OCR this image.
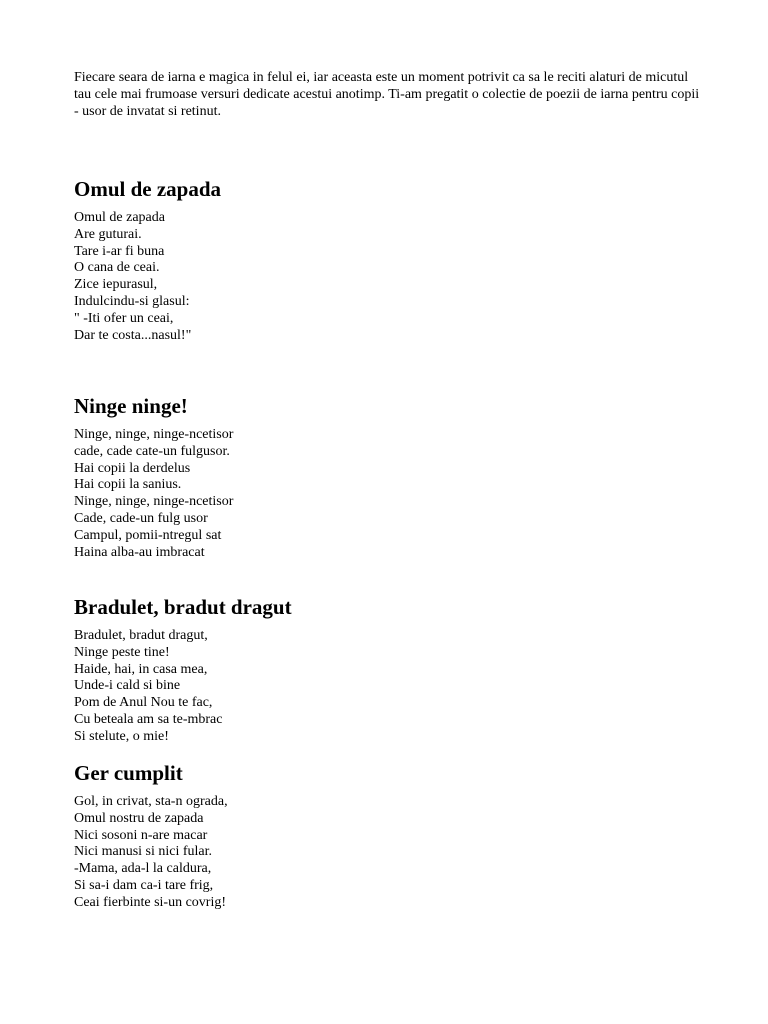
Fiecare seara de iarna e magica in felul ei, iar aceasta este un moment potrivit ca sa le reciti alaturi de micutul tau cele mai frumoase versuri dedicate acestui anotimp. Ti-am pregatit o colectie de poezii de iarna pentru copii - usor de invatat si retinut.

Omul de zapada
Omul de zapada
Are guturai.
Tare i-ar fi buna
O cana de ceai.
Zice iepurasul,
Indulcindu-si glasul:
" -Iti ofer un ceai,
Dar te costa...nasul!"
Ninge ninge!
Ninge, ninge, ninge-ncetisor
cade, cade cate-un fulgusor.
Hai copii la derdelus
Hai copii la sanius.
Ninge, ninge, ninge-ncetisor
Cade, cade-un fulg usor
Campul, pomii-ntregul sat
Haina alba-au imbracat
Bradulet, bradut dragut
Bradulet, bradut dragut,
Ninge peste tine!
Haide, hai, in casa mea,
Unde-i cald si bine
Pom de Anul Nou te fac,
Cu beteala am sa te-mbrac
Si stelute, o mie!
Ger cumplit
Gol, in crivat, sta-n ograda,
Omul nostru de zapada
Nici sosoni n-are macar
Nici manusi si nici fular.
-Mama, ada-l la caldura,
Si sa-i dam ca-i tare frig,
Ceai fierbinte si-un covrig!
